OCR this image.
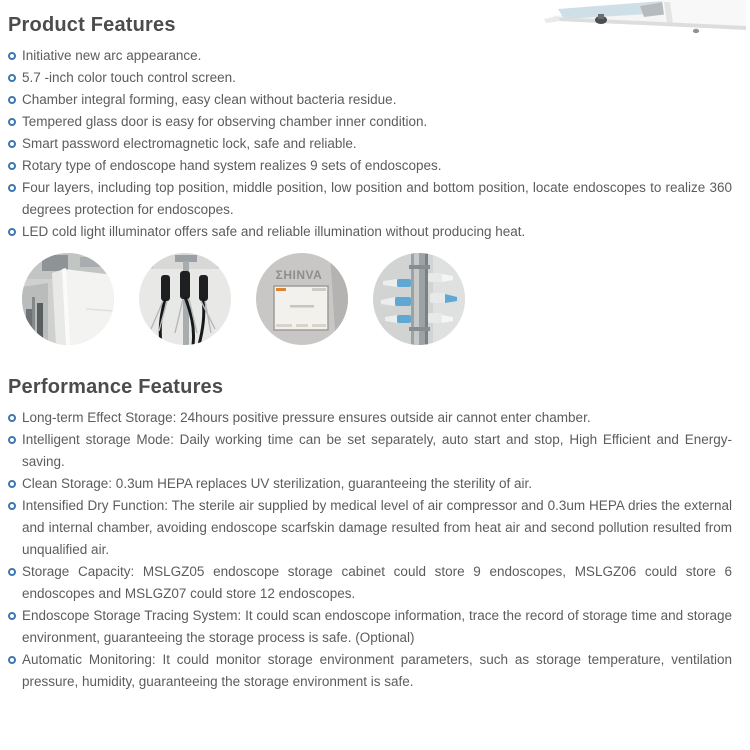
Product Features
Initiative new arc appearance.
5.7 -inch color touch control screen.
Chamber integral forming, easy clean without bacteria residue.
Tempered glass door is easy for observing chamber inner condition.
Smart password electromagnetic lock, safe and reliable.
Rotary type of endoscope hand system realizes 9 sets of endoscopes.
Four layers, including top position, middle position, low position and bottom position, locate endoscopes to realize 360 degrees protection for endoscopes.
LED cold light illuminator offers safe and reliable illumination without producing heat.
ΣHINVA
Performance Features
Long-term Effect Storage: 24hours positive pressure ensures outside air cannot enter chamber.
Intelligent storage Mode: Daily working time can be set separately, auto start and stop, High Efficient and Energy-saving.
Clean Storage: 0.3um HEPA replaces UV sterilization, guaranteeing the sterility of air.
Intensified Dry Function: The sterile air supplied by medical level of air compressor and 0.3um HEPA dries the external and internal chamber, avoiding endoscope scarfskin damage resulted from heat air and second pollution resulted from unqualified air.
Storage Capacity: MSLGZ05 endoscope storage cabinet could store 9 endoscopes, MSLGZ06 could store 6 endoscopes and MSLGZ07 could store 12 endoscopes.
Endoscope Storage Tracing System: It could scan endoscope information, trace the record of storage time and storage environment, guaranteeing the storage process is safe. (Optional)
Automatic Monitoring: It could monitor storage environment parameters, such as storage temperature, ventilation pressure, humidity, guaranteeing the storage environment is safe.
